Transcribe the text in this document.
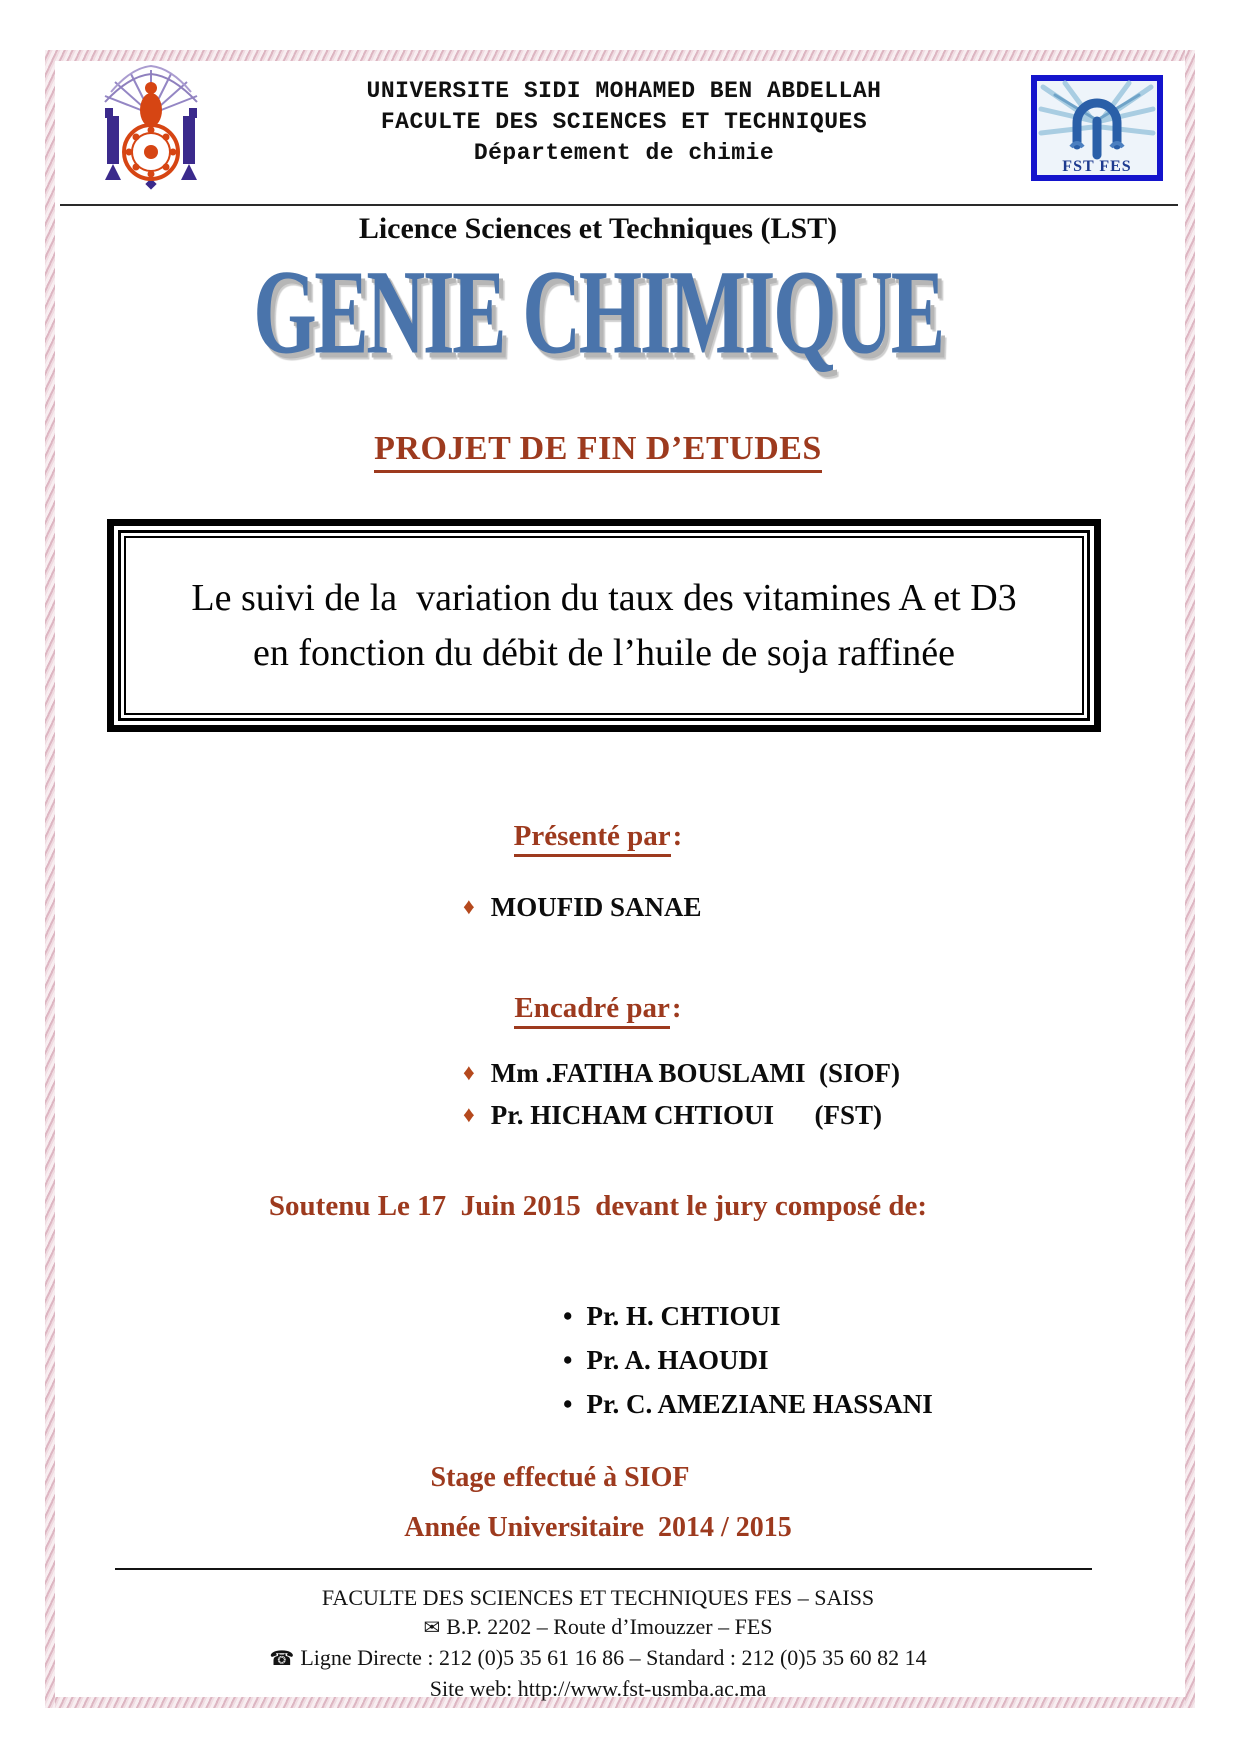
UNIVERSITE SIDI MOHAMED BEN ABDELLAH
FACULTE DES SCIENCES ET TECHNIQUES
Département de chimie
FST FES
Licence Sciences et Techniques (LST)
GENIE CHIMIQUE
PROJET DE FIN D’ETUDES
Le suivi de la  variation du taux des vitamines A et D3
en fonction du débit de l’huile de soja raffinée
Présenté par:
♦ MOUFID SANAE
Encadré par:
♦ Mm .FATIHA BOUSLAMI  (SIOF)
♦ Pr. HICHAM CHTIOUI      (FST)
Soutenu Le 17  Juin 2015  devant le jury composé de:
• Pr. H. CHTIOUI
• Pr. A. HAOUDI
• Pr. C. AMEZIANE HASSANI
Stage effectué à SIOF
Année Universitaire  2014 / 2015
FACULTE DES SCIENCES ET TECHNIQUES FES – SAISS
✉ B.P. 2202 – Route d’Imouzzer – FES
☎ Ligne Directe : 212 (0)5 35 61 16 86 – Standard : 212 (0)5 35 60 82 14
Site web: http://www.fst-usmba.ac.ma
